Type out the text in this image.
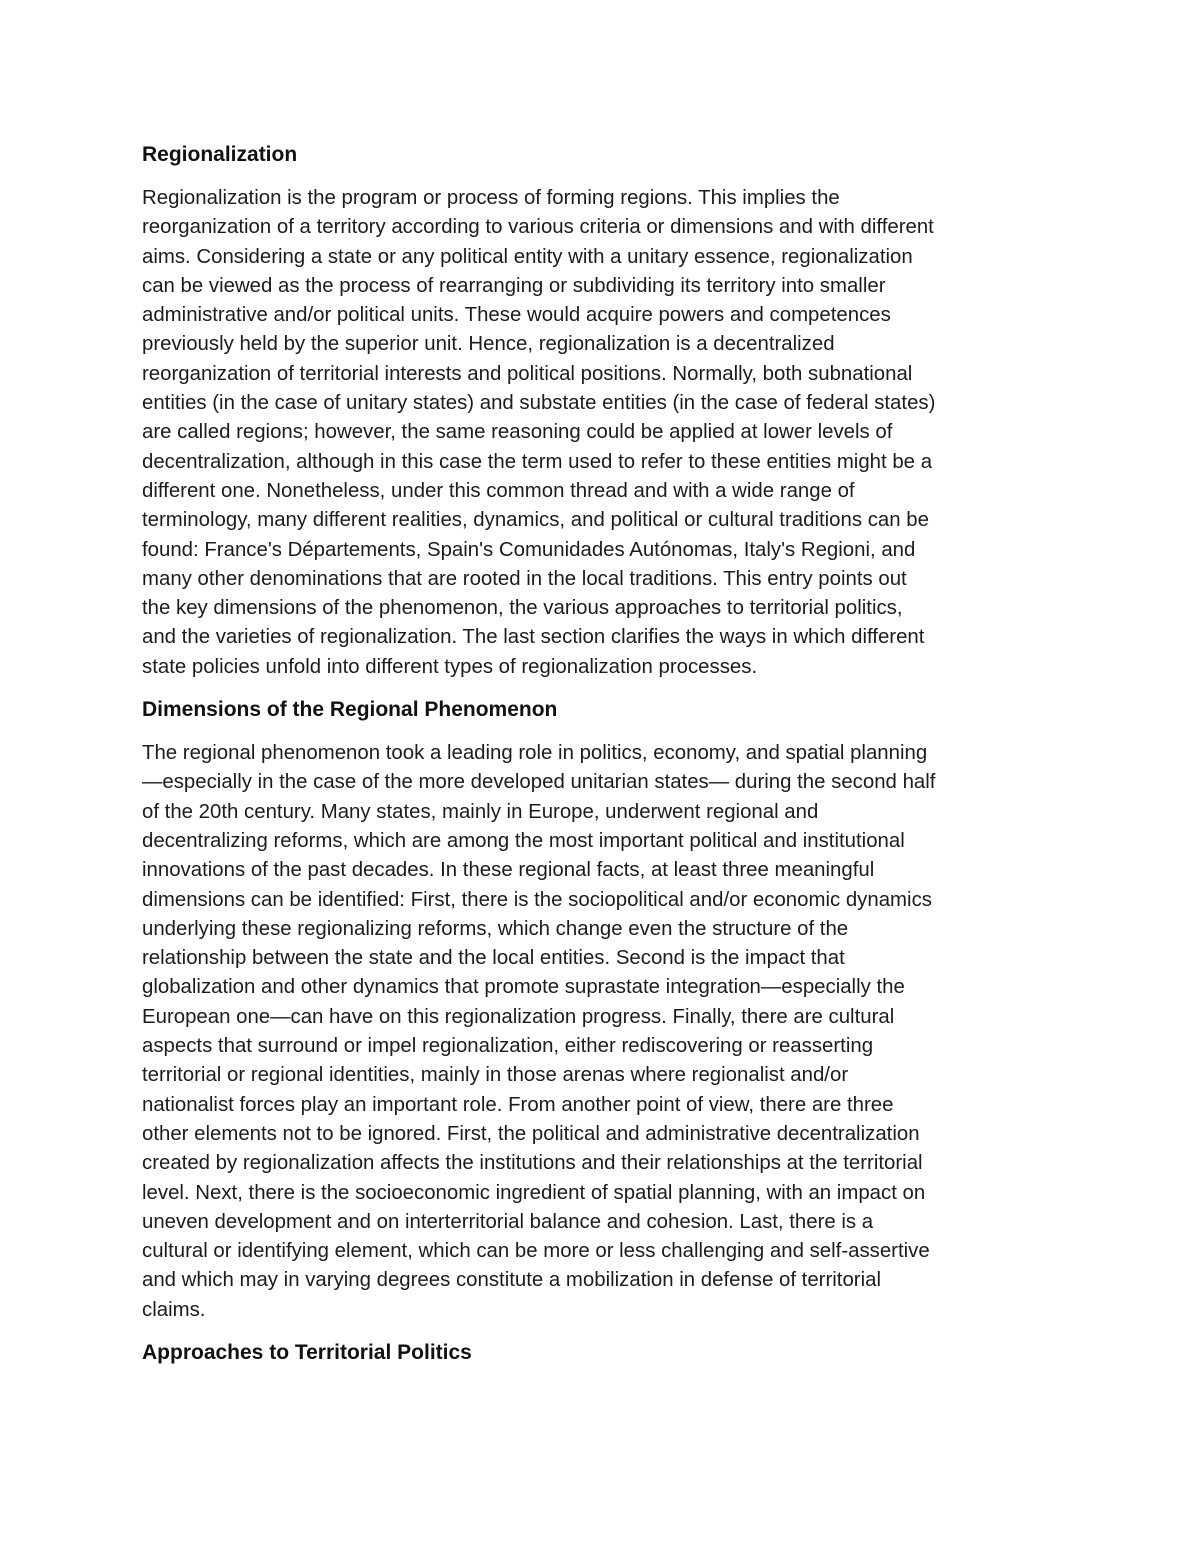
Regionalization

Regionalization is the program or process of forming regions. This implies the
reorganization of a territory according to various criteria or dimensions and with different
aims. Considering a state or any political entity with a unitary essence, regionalization
can be viewed as the process of rearranging or subdividing its territory into smaller
administrative and/or political units. These would acquire powers and competences
previously held by the superior unit. Hence, regionalization is a decentralized
reorganization of territorial interests and political positions. Normally, both subnational
entities (in the case of unitary states) and substate entities (in the case of federal states)
are called regions; however, the same reasoning could be applied at lower levels of
decentralization, although in this case the term used to refer to these entities might be a
different one. Nonetheless, under this common thread and with a wide range of
terminology, many different realities, dynamics, and political or cultural traditions can be
found: France's Départements, Spain's Comunidades Autónomas, Italy's Regioni, and
many other denominations that are rooted in the local traditions. This entry points out
the key dimensions of the phenomenon, the various approaches to territorial politics,
and the varieties of regionalization. The last section clarifies the ways in which different
state policies unfold into different types of regionalization processes.

Dimensions of the Regional Phenomenon

The regional phenomenon took a leading role in politics, economy, and spatial planning
—especially in the case of the more developed unitarian states— during the second half
of the 20th century. Many states, mainly in Europe, underwent regional and
decentralizing reforms, which are among the most important political and institutional
innovations of the past decades. In these regional facts, at least three meaningful
dimensions can be identified: First, there is the sociopolitical and/or economic dynamics
underlying these regionalizing reforms, which change even the structure of the
relationship between the state and the local entities. Second is the impact that
globalization and other dynamics that promote suprastate integration—especially the
European one—can have on this regionalization progress. Finally, there are cultural
aspects that surround or impel regionalization, either rediscovering or reasserting
territorial or regional identities, mainly in those arenas where regionalist and/or
nationalist forces play an important role. From another point of view, there are three
other elements not to be ignored. First, the political and administrative decentralization
created by regionalization affects the institutions and their relationships at the territorial
level. Next, there is the socioeconomic ingredient of spatial planning, with an impact on
uneven development and on interterritorial balance and cohesion. Last, there is a
cultural or identifying element, which can be more or less challenging and self-assertive
and which may in varying degrees constitute a mobilization in defense of territorial
claims.

Approaches to Territorial Politics
